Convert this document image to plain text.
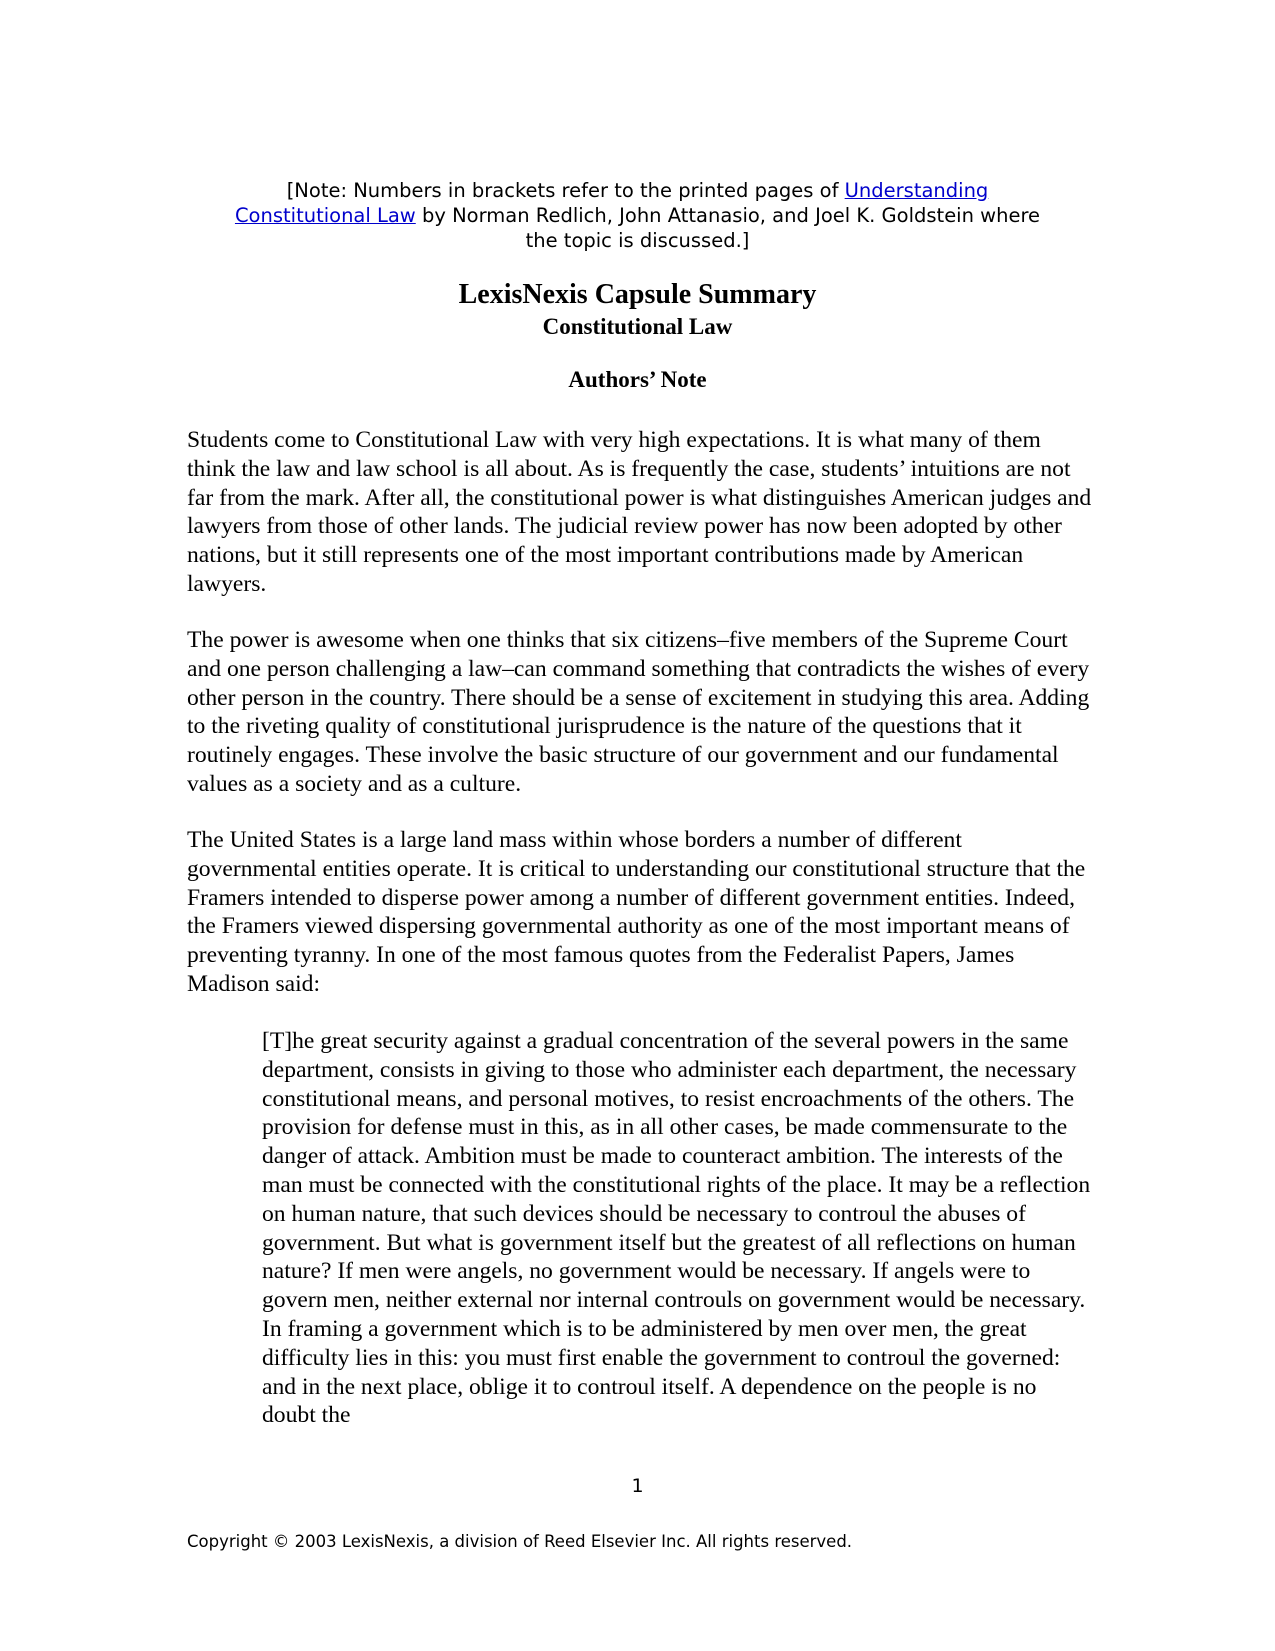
[Note: Numbers in brackets refer to the printed pages of Understanding Constitutional Law by Norman Redlich, John Attanasio, and Joel K. Goldstein where the topic is discussed.]
LexisNexis Capsule Summary
Constitutional Law
Authors’ Note

Students come to Constitutional Law with very high expectations. It is what many of them think the law and law school is all about. As is frequently the case, students’ intuitions are not far from the mark. After all, the constitutional power is what distinguishes American judges and lawyers from those of other lands. The judicial review power has now been adopted by other nations, but it still represents one of the most important contributions made by American lawyers.

The power is awesome when one thinks that six citizens–five members of the Supreme Court and one person challenging a law–can command something that contradicts the wishes of every other person in the country. There should be a sense of excitement in studying this area. Adding to the riveting quality of constitutional jurisprudence is the nature of the questions that it routinely engages. These involve the basic structure of our government and our fundamental values as a society and as a culture.

The United States is a large land mass within whose borders a number of different governmental entities operate. It is critical to understanding our constitutional structure that the Framers intended to disperse power among a number of different government entities. Indeed, the Framers viewed dispersing governmental authority as one of the most important means of preventing tyranny. In one of the most famous quotes from the Federalist Papers, James Madison said:

[T]he great security against a gradual concentration of the several powers in the same department, consists in giving to those who administer each department, the necessary constitutional means, and personal motives, to resist encroachments of the others. The provision for defense must in this, as in all other cases, be made commensurate to the danger of attack. Ambition must be made to counteract ambition. The interests of the man must be connected with the constitutional rights of the place. It may be a reflection on human nature, that such devices should be necessary to controul the abuses of government. But what is government itself but the greatest of all reflections on human nature? If men were angels, no government would be necessary. If angels were to govern men, neither external nor internal controuls on government would be necessary. In framing a government which is to be administered by men over men, the great difficulty lies in this: you must first enable the government to controul the governed: and in the next place, oblige it to controul itself. A dependence on the people is no doubt the
1
Copyright © 2003 LexisNexis, a division of Reed Elsevier Inc. All rights reserved.
